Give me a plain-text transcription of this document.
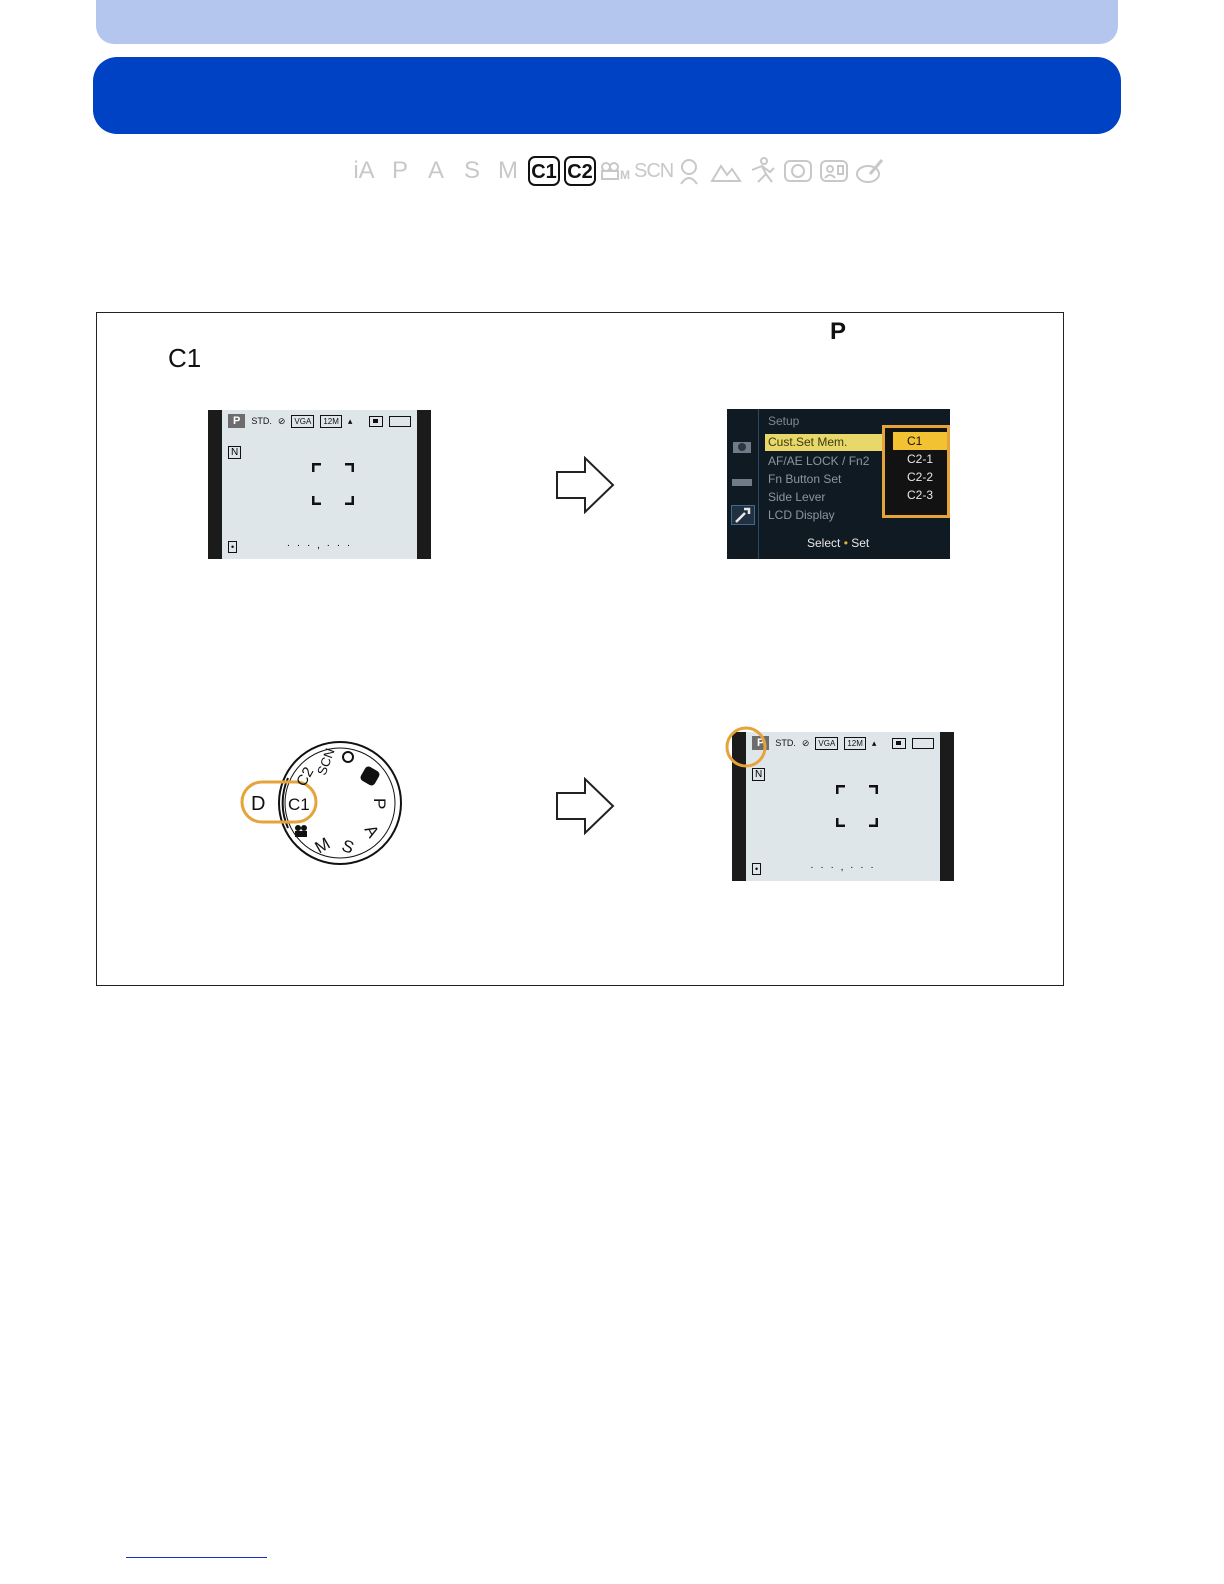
iA P A S M C1 C2 M SCN
C1
P
P	STD. ⊘	VGA	12M	▴
N
•	· · · , · · ·
Setup
Cust.Set Mem.
AF/AE LOCK / Fn2
Fn Button Set
Side Lever
LCD Display
C1
C2-1
C2-2
C2-3
Select • Set
D C1
C2
SCN
P
A
S
M
P	STD. ⊘	VGA	12M	▴
N
•	· · · , · · ·
